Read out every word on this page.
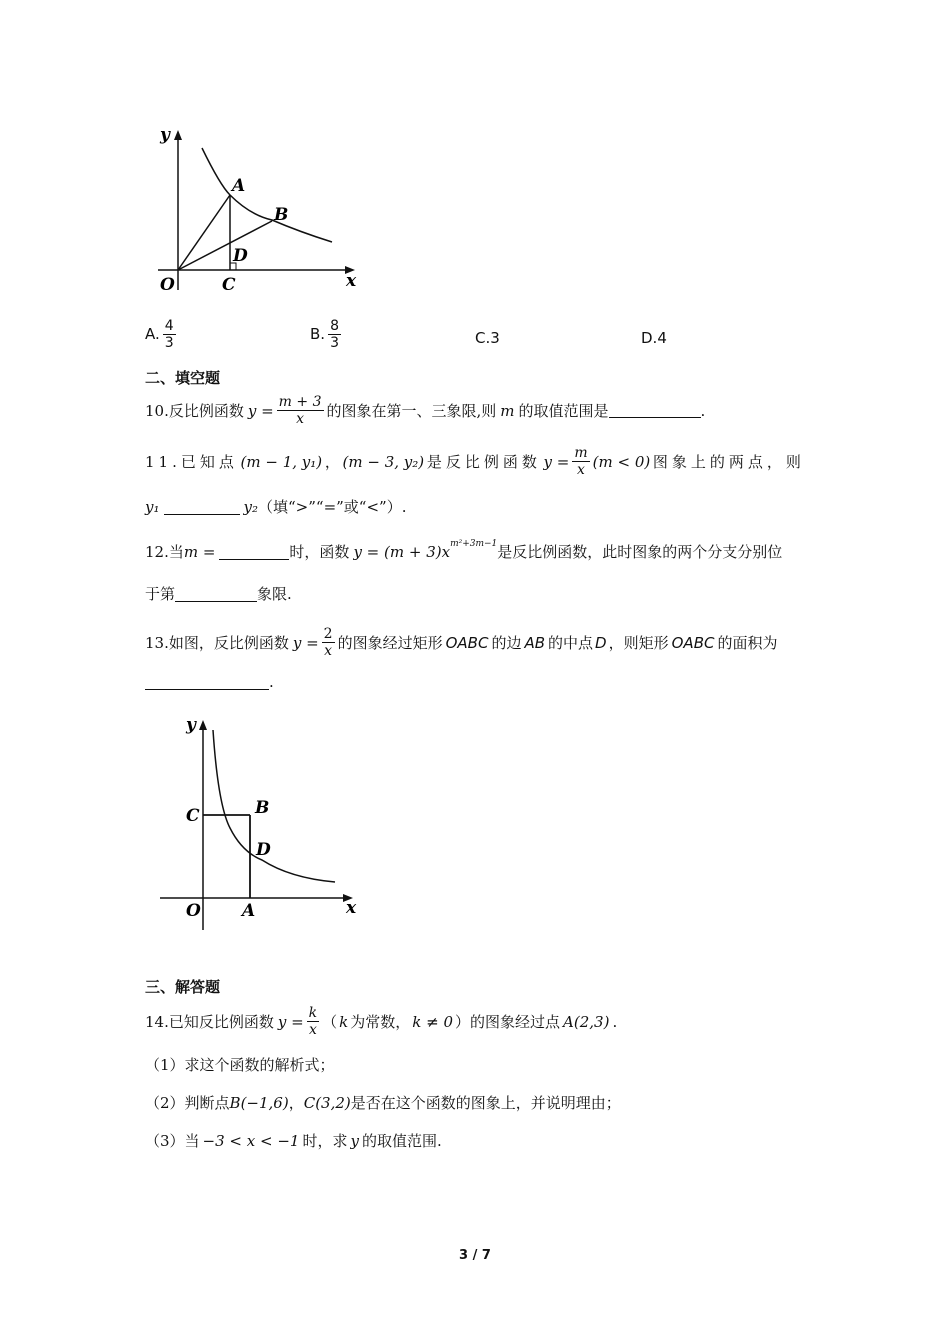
y
x
O
A
B
C
D
A. $\frac{4}{3}$	B. $\frac{8}{3}$	C.3	D.4
二、填空题
10.反比例函数 $y = \frac{m + 3}{x}$ 的图象在第一、三象限,则 m 的取值范围是	.
11.已知点 (m − 1, y₁) ， (m − 3, y₂) 是反比例函数 $y = \frac{m}{x} (m < 0)$ 图象上的两点，则
y₁	y₂ （填“>”“=”或“<”）.
12.当 m =	时，函数 y = (m + 3)x m²+3m−1 是反比例函数，此时图象的两个分支分别位
于第	象限.
13.如图，反比例函数 $y = \frac{2}{x}$ 的图象经过矩形 OABC 的边 AB 的中点 D ，则矩形 OABC 的面积为
.
y
x
O A
B
C
D
三、解答题
14.已知反比例函数 $y = \frac{k}{x}$ （ k 为常数， k ≠ 0 ）的图象经过点 A(2,3) .
（1）求这个函数的解析式；
（2）判断点 B(−1,6) ， C(3,2) 是否在这个函数的图象上，并说明理由；
（3）当 −3 < x < −1 时，求 y 的取值范围.
3 / 7
